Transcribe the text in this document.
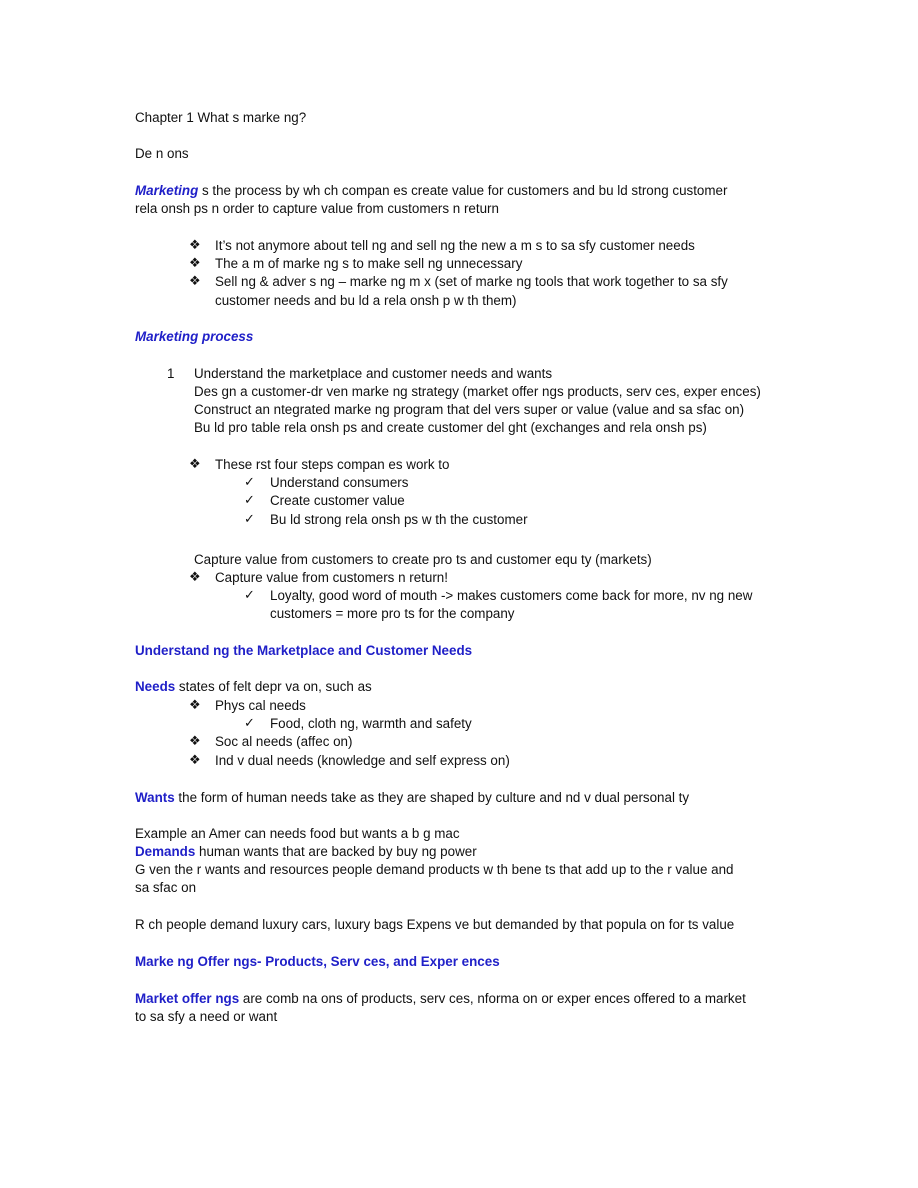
Chapter 1 What s marke ng?
De n ons
Marketing s the process by wh ch compan es create value for customers and bu ld strong customer
rela onsh ps n order to capture value from customers n return
❖ It’s not anymore about tell ng and sell ng the new a m s to sa sfy customer needs
❖ The a m of marke ng s to make sell ng unnecessary
❖ Sell ng & adver s ng – marke ng m x (set of marke ng tools that work together to sa sfy
customer needs and bu ld a rela onsh p w th them)
Marketing process
1 Understand the marketplace and customer needs and wants
Des gn a customer-dr ven marke ng strategy (market offer ngs products, serv ces, exper ences)
Construct an ntegrated marke ng program that del vers super or value (value and sa sfac on)
Bu ld pro table rela onsh ps and create customer del ght (exchanges and rela onsh ps)
❖ These rst four steps compan es work to
✓ Understand consumers
✓ Create customer value
✓ Bu ld strong rela onsh ps w th the customer
Capture value from customers to create pro ts and customer equ ty (markets)
❖ Capture value from customers n return!
✓ Loyalty, good word of mouth -> makes customers come back for more, nv ng new
customers = more pro ts for the company
Understand ng the Marketplace and Customer Needs
Needs states of felt depr va on, such as
❖ Phys cal needs
✓ Food, cloth ng, warmth and safety
❖ Soc al needs (affec on)
❖ Ind v dual needs (knowledge and self express on)
Wants the form of human needs take as they are shaped by culture and nd v dual personal ty
Example an Amer can needs food but wants a b g mac
Demands human wants that are backed by buy ng power
G ven the r wants and resources people demand products w th bene ts that add up to the r value and
sa sfac on
R ch people demand luxury cars, luxury bags Expens ve but demanded by that popula on for ts value
Marke ng Offer ngs- Products, Serv ces, and Exper ences
Market offer ngs are comb na ons of products, serv ces, nforma on or exper ences offered to a market
to sa sfy a need or want
